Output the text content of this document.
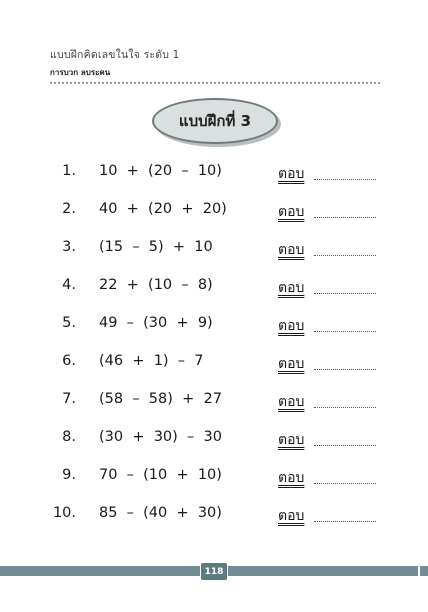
แบบฝึกคิดเลขในใจ ระดับ 1
การบวก ลบระคน
แบบฝึกที่ 3
1. 10  +  (20  –  10)	ตอบ
2. 40  +  (20  +  20)	ตอบ
3. (15  –  5)  +  10	ตอบ
4. 22  +  (10  –  8)	ตอบ
5. 49  –  (30  +  9)	ตอบ
6. (46  +  1)  –  7	ตอบ
7. (58  –  58)  +  27	ตอบ
8. (30  +  30)  –  30	ตอบ
9. 70  –  (10  +  10)	ตอบ
10. 85  –  (40  +  30)	ตอบ
118
